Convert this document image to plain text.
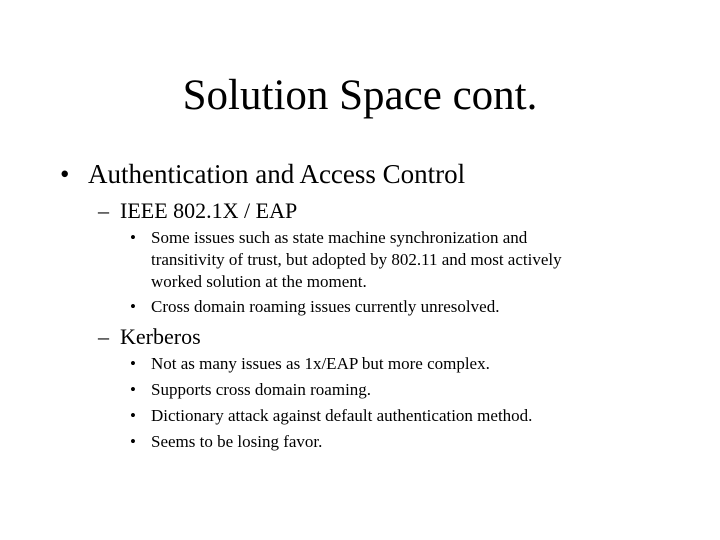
Solution Space cont.
• Authentication and Access Control
– IEEE 802.1X / EAP
• Some issues such as state machine synchronization and
transitivity of trust, but adopted by 802.11 and most actively
worked solution at the moment.
• Cross domain roaming issues currently unresolved.
– Kerberos
• Not as many issues as 1x/EAP but more complex.
• Supports cross domain roaming.
• Dictionary attack against default authentication method.
• Seems to be losing favor.
